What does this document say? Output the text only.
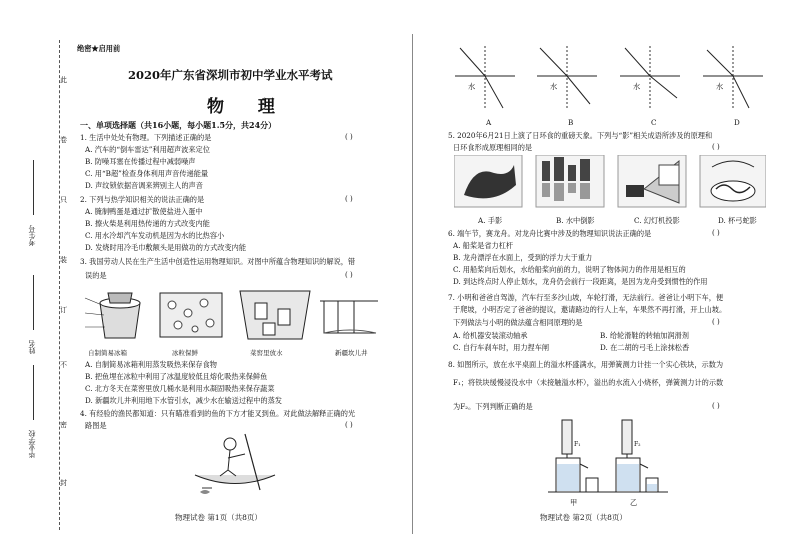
考生号
姓名
毕业学校
此
卷
只
装
订
不
密
封
绝密★启用前
2020年广东省深圳市初中学业水平考试
物 理
一、单项选择题（共16小题，每小题1.5分，共24分）
1. 生活中处处有物理。下列描述正确的是	( )
A. 汽车的“倒车雷达”利用超声波来定位
B. 防噪耳塞在传播过程中减弱噪声
C. 用“B超”检查身体利用声音传递能量
D. 声纹锁依据音调来辨别主人的声音
2. 下列与热学知识相关的说法正确的是	( )
A. 腌制鸭蛋是通过扩散使盐进入蛋中
B. 擦火柴是利用热传递的方式改变内能
C. 用水冷却汽车发动机是因为水的比热容小
D. 发烧时用冷毛巾敷额头是用做功的方式改变内能
3. 我国劳动人民在生产生活中创造性运用物理知识。对图中所蕴含物理知识的解说，错
误的是	( )
自制简易冰箱	冰粒保鲜	菜窖里放水	新疆坎儿井
A. 自制简易冰箱利用蒸发吸热来保存食物
B. 把鱼埋在冰粒中利用了冰温度较低且熔化吸热来保鲜鱼
C. 北方冬天在菜窖里放几桶水是利用水凝固吸热来保存蔬菜
D. 新疆坎儿井利用地下水管引水，减少水在输送过程中的蒸发
4. 有经验的渔民都知道：只有瞄准看到的鱼的下方才能叉到鱼。对此做法解释正确的光
路图是	( )
物理试卷 第1页（共8页）
水	水	水	水
A	B	C	D
5. 2020年6月21日上演了日环食的重磅天象。下列与“影”相关成语所涉及的原理和
日环食形成原理相同的是	( )
A. 手影	B. 水中倒影	C. 幻灯机投影	D. 杯弓蛇影
6. 端午节，赛龙舟。对龙舟比赛中涉及的物理知识说法正确的是	( )
A. 船桨是省力杠杆
B. 龙舟漂浮在水面上，受到的浮力大于重力
C. 用船桨向后划水，水给船桨向前的力，说明了物体间力的作用是相互的
D. 到达终点时人停止划水，龙舟仍会前行一段距离，是因为龙舟受到惯性的作用
7. 小明和爸爸自驾游，汽车行至多沙山坡，车轮打滑，无法前行。爸爸让小明下车，便
于爬坡，小明否定了爸爸的提议，邀请路边的行人上车，车果然不再打滑，开上山坡。
下列做法与小明的做法蕴含相同原理的是	( )
A. 给机器安装滚动轴承	B. 给轮滑鞋的转轴加润滑剂
C. 自行车刹车时，用力捏车闸	D. 在二胡的弓毛上涂抹松香
8. 如图所示，放在水平桌面上的溢水杯盛满水，用弹簧测力计挂一个实心铁块，示数为
F₁；将铁块缓慢浸没水中（未接触溢水杯），溢出的水流入小烧杯，弹簧测力计的示数
为F₂。下列判断正确的是	( )
F₁	F₂
甲	乙
物理试卷 第2页（共8页）
